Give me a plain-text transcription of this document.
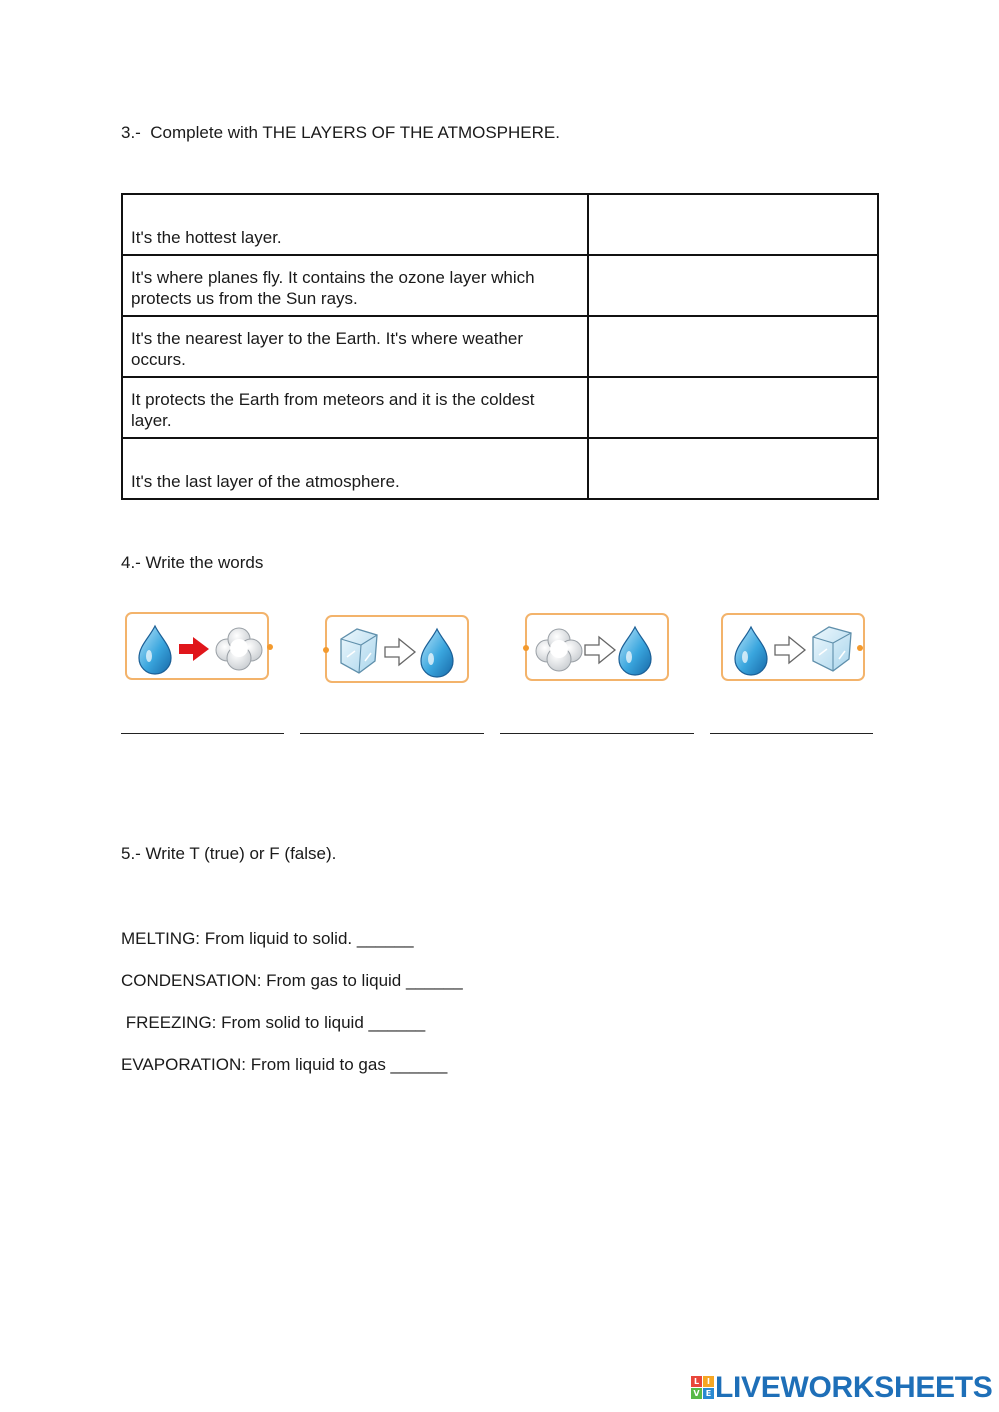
3.-  Complete with THE LAYERS OF THE ATMOSPHERE.
It's the hottest layer.	
It's where planes fly. It contains the ozone layer which protects us from the Sun rays.	
It's the nearest layer to the Earth. It's where weather occurs.	
It protects the Earth from meteors and it is the coldest layer.	
It's the last layer of the atmosphere.	
4.- Write the words
5.- Write T (true) or F (false).
MELTING: From liquid to solid. ______
CONDENSATION: From gas to liquid ______
FREEZING: From solid to liquid ______
EVAPORATION: From liquid to gas ______
L I
V E LIVEWORKSHEETS
